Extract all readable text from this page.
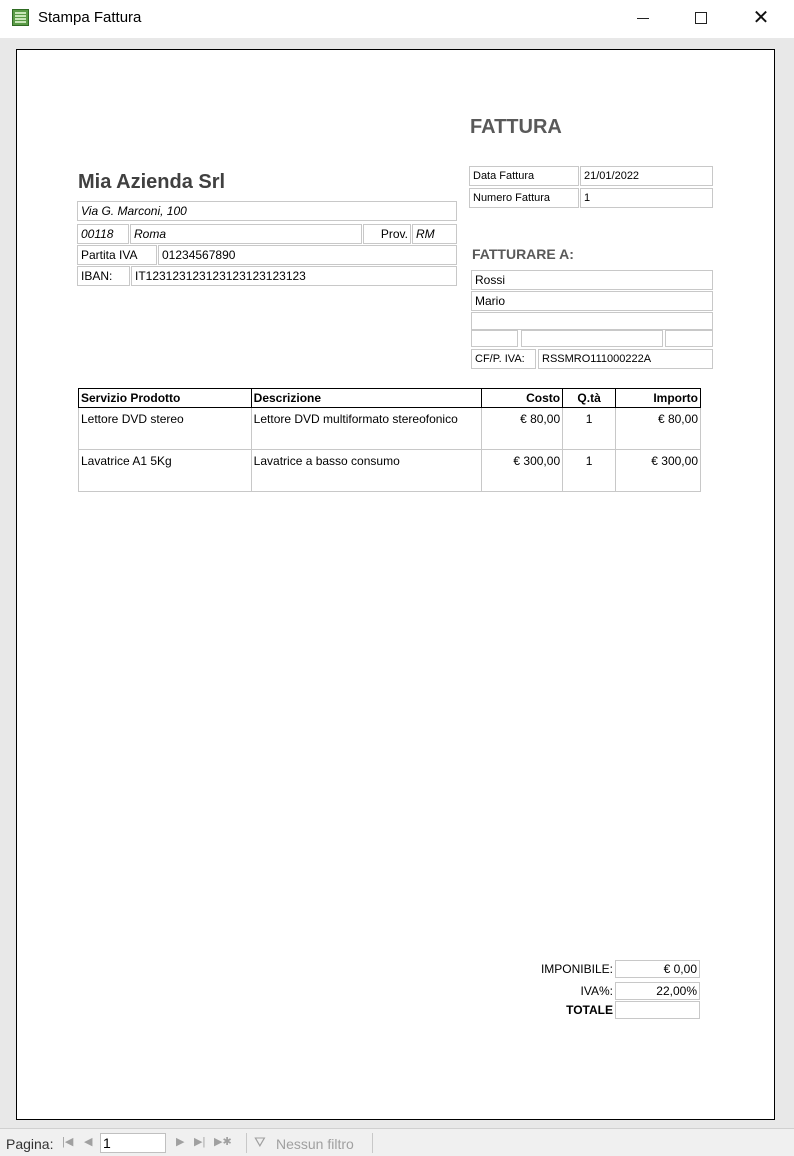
Stampa Fattura	✕
FATTURA
Mia Azienda Srl
Via G. Marconi, 100
00118	Roma	Prov. RM
Partita IVA	01234567890
IBAN:	IT123123123123123123123123
Data Fattura	21/01/2022
Numero Fattura	1
FATTURARE A:
Rossi
Mario
CF/P. IVA:	RSSMRO111000222A
Servizio Prodotto	Descrizione	Costo	Q.tà	Importo
Lettore DVD stereo	Lettore DVD multiformato stereofonico	€ 80,00	1	€ 80,00
Lavatrice A1 5Kg	Lavatrice a basso consumo	€ 300,00	1	€ 300,00
IMPONIBILE:	€ 0,00
IVA%:	22,00%
TOTALE
Pagina: |◀ ◀
1	▶ ▶| ▶✱ ⛛ Nessun filtro
